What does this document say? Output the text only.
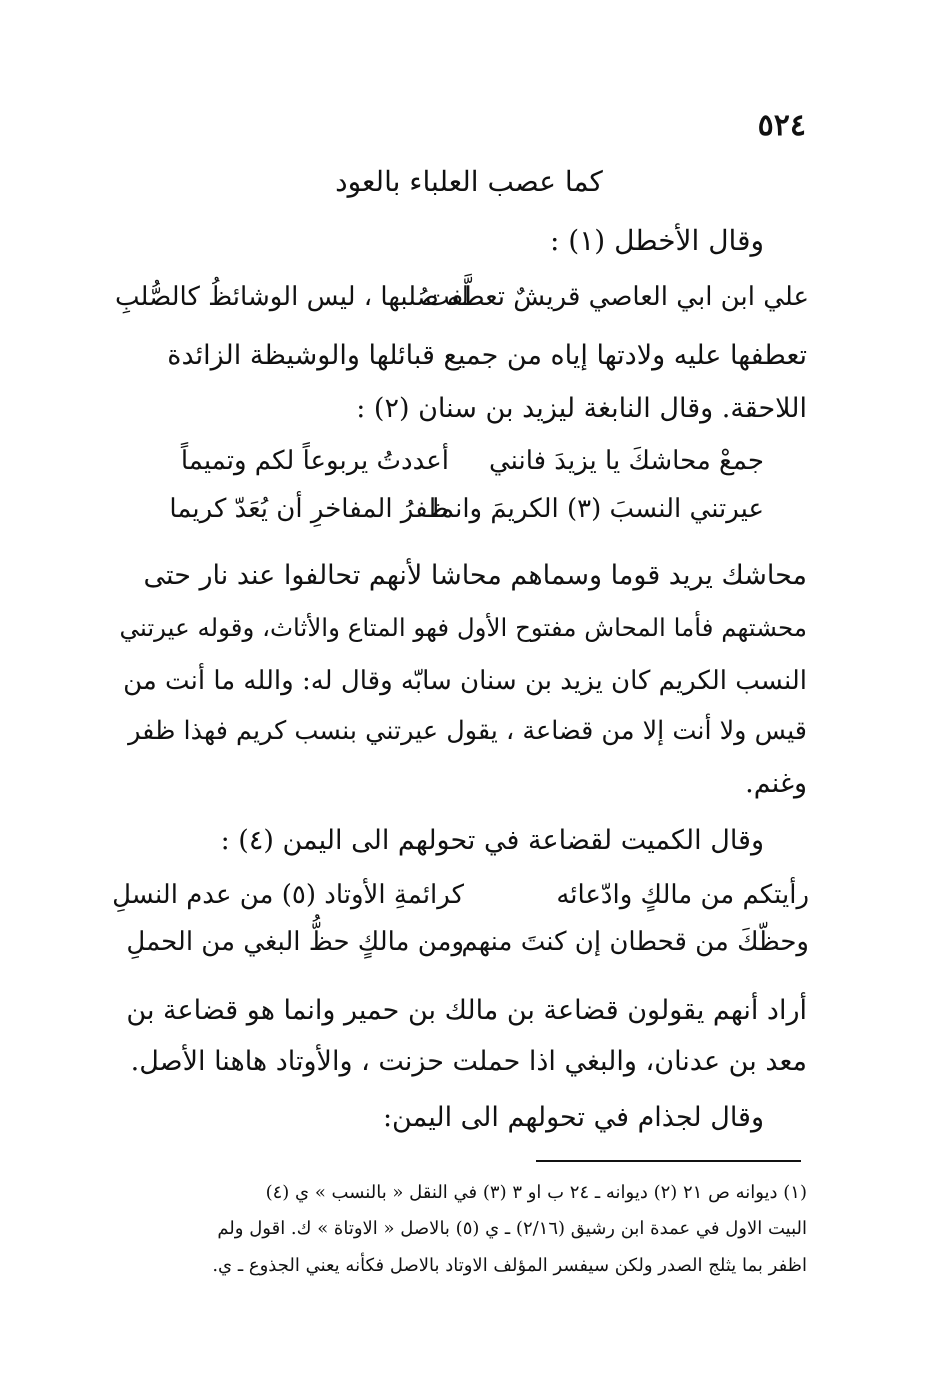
٥٢٤
كما عصب العلباء بالعود
وقال الأخطل (١) :
علي ابن ابي العاصي قريشٌ تعطَّفت
له صُلبها ، ليس الوشائظُ كالصُّلبِ
تعطفها عليه ولادتها إياه من جميع قبائلها والوشيظة الزائدة
اللاحقة. وقال النابغة ليزيد بن سنان (٢) :
جمعْ محاشكَ يا يزيدَ فانني
أعددتُ يربوعاً لكم وتميماً
عيرتني النسبَ (٣) الكريمَ وانما
ظفرُ المفاخرِ أن يُعَدّ كريما
محاشك يريد قوما وسماهم محاشا لأنهم تحالفوا عند نار حتى
محشتهم فأما المحاش مفتوح الأول فهو المتاع والأثاث، وقوله عيرتني
النسب الكريم كان يزيد بن سنان سابّه وقال له: والله ما أنت من
قيس ولا أنت إلا من قضاعة ، يقول عيرتني بنسب كريم فهذا ظفر
وغنم.
وقال الكميت لقضاعة في تحولهم الى اليمن (٤) :
رأيتكم من مالكٍ وادّعائه
كرائمةِ الأوتاد (٥) من عدم النسلِ
وحظّكَ من قحطان إن كنتَ منهم
ومن مالكٍ حظُّ البغي من الحملِ
أراد أنهم يقولون قضاعة بن مالك بن حمير وانما هو قضاعة بن
معد بن عدنان، والبغي اذا حملت حزنت ، والأوتاد هاهنا الأصل.
وقال لجذام في تحولهم الى اليمن:
(١) ديوانه ص ٢١ (٢) ديوانه ـ ٢٤ ب او ٣ (٣) في النقل « بالنسب » ي (٤)
البيت الاول في عمدة ابن رشيق (٢/١٦) ـ ي (٥) بالاصل « الاوتاة » ك. اقول ولم
اظفر بما يثلج الصدر ولكن سيفسر المؤلف الاوتاد بالاصل فكأنه يعني الجذوع ـ ي.
